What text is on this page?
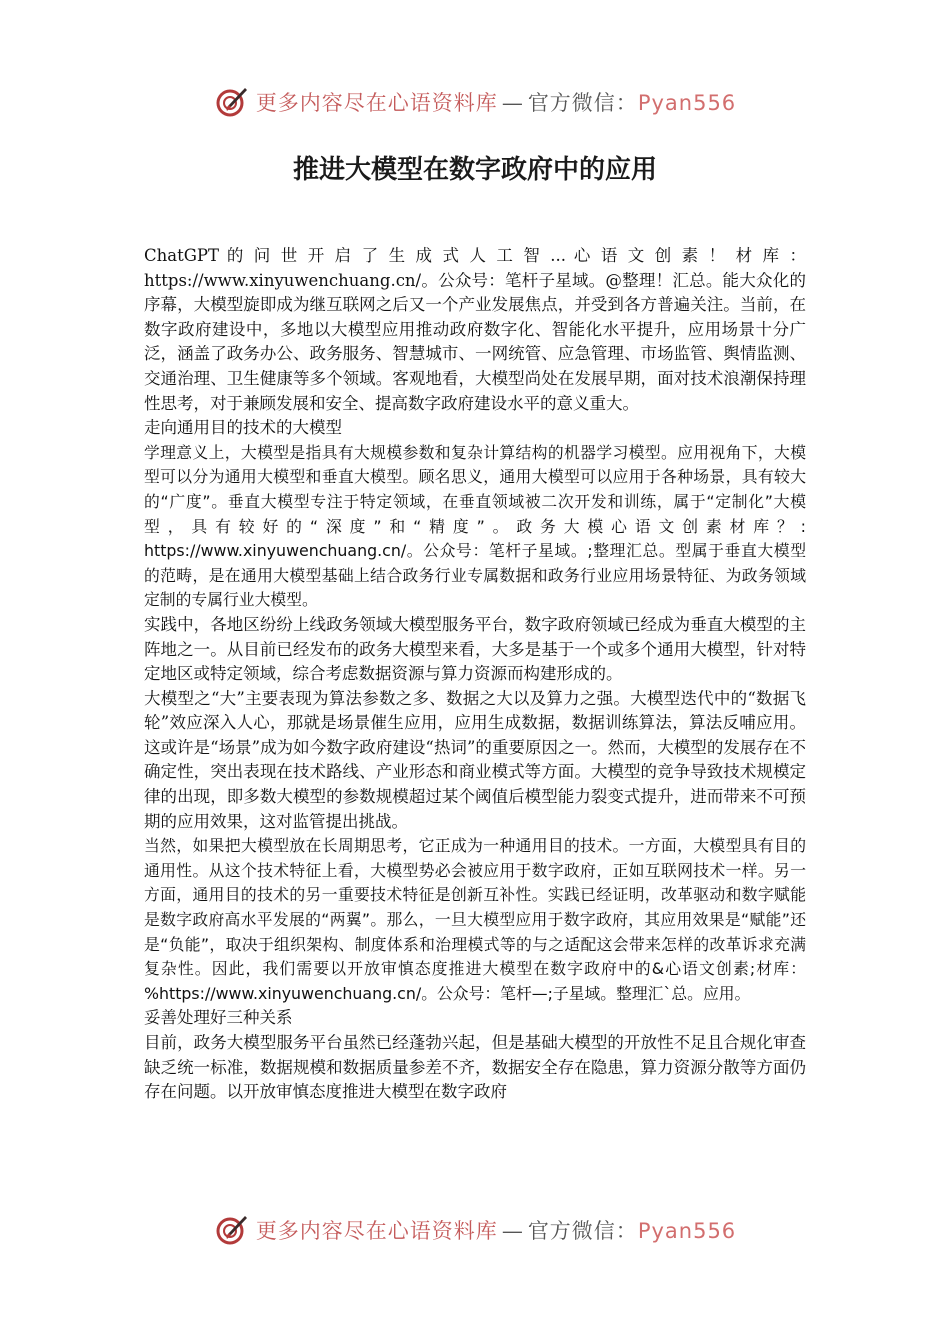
更多内容尽在心语资料库 — 官方微信：Pyan556
推进大模型在数字政府中的应用

ChatGPT 的 问 世 开 启 了 生 成 式 人 工 智 ... 心 语 文 创 素 ！ 材 库 ： https://www.xinyuwenchuang.cn/。公众号：笔杆子星域。@整理！汇总。能大众化的序幕，大模型旋即成为继互联网之后又一个产业发展焦点，并受到各方普遍关注。当前，在数字政府建设中，多地以大模型应用推动政府数字化、智能化水平提升，应用场景十分广泛，涵盖了政务办公、政务服务、智慧城市、一网统管、应急管理、市场监管、舆情监测、交通治理、卫生健康等多个领域。客观地看，大模型尚处在发展早期，面对技术浪潮保持理性思考，对于兼顾发展和安全、提高数字政府建设水平的意义重大。

走向通用目的技术的大模型

学理意义上，大模型是指具有大规模参数和复杂计算结构的机器学习模型。应用视角下，大模型可以分为通用大模型和垂直大模型。顾名思义，通用大模型可以应用于各种场景，具有较大的“广度”。垂直大模型专注于特定领域，在垂直领域被二次开发和训练，属于“定制化”大模型，具有较好的“深度”和“精度”。政务大模心语文创素材库？: https://www.xinyuwenchuang.cn/。公众号：笔杆子星域。;整理汇总。型属于垂直大模型的范畴，是在通用大模型基础上结合政务行业专属数据和政务行业应用场景特征、为政务领域定制的专属行业大模型。

实践中，各地区纷纷上线政务领域大模型服务平台，数字政府领域已经成为垂直大模型的主阵地之一。从目前已经发布的政务大模型来看，大多是基于一个或多个通用大模型，针对特定地区或特定领域，综合考虑数据资源与算力资源而构建形成的。

大模型之“大”主要表现为算法参数之多、数据之大以及算力之强。大模型迭代中的“数据飞轮”效应深入人心，那就是场景催生应用，应用生成数据，数据训练算法，算法反哺应用。这或许是“场景”成为如今数字政府建设“热词”的重要原因之一。然而，大模型的发展存在不确定性，突出表现在技术路线、产业形态和商业模式等方面。大模型的竞争导致技术规模定律的出现，即多数大模型的参数规模超过某个阈值后模型能力裂变式提升，进而带来不可预期的应用效果，这对监管提出挑战。

当然，如果把大模型放在长周期思考，它正成为一种通用目的技术。一方面，大模型具有目的通用性。从这个技术特征上看，大模型势必会被应用于数字政府，正如互联网技术一样。另一方面，通用目的技术的另一重要技术特征是创新互补性。实践已经证明，改革驱动和数字赋能是数字政府高水平发展的“两翼”。那么，一旦大模型应用于数字政府，其应用效果是“赋能”还是“负能”，取决于组织架构、制度体系和治理模式等的与之适配这会带来怎样的改革诉求充满复杂性。因此，我们需要以开放审慎态度推进大模型在数字政府中的&心语文创素;材库：%https://www.xinyuwenchuang.cn/。公众号：笔杆—;子星域。整理汇`总。应用。

妥善处理好三种关系

目前，政务大模型服务平台虽然已经蓬勃兴起，但是基础大模型的开放性不足且合规化审查缺乏统一标准，数据规模和数据质量参差不齐，数据安全存在隐患，算力资源分散等方面仍存在问题。以开放审慎态度推进大模型在数字政府

更多内容尽在心语资料库 — 官方微信：Pyan556
